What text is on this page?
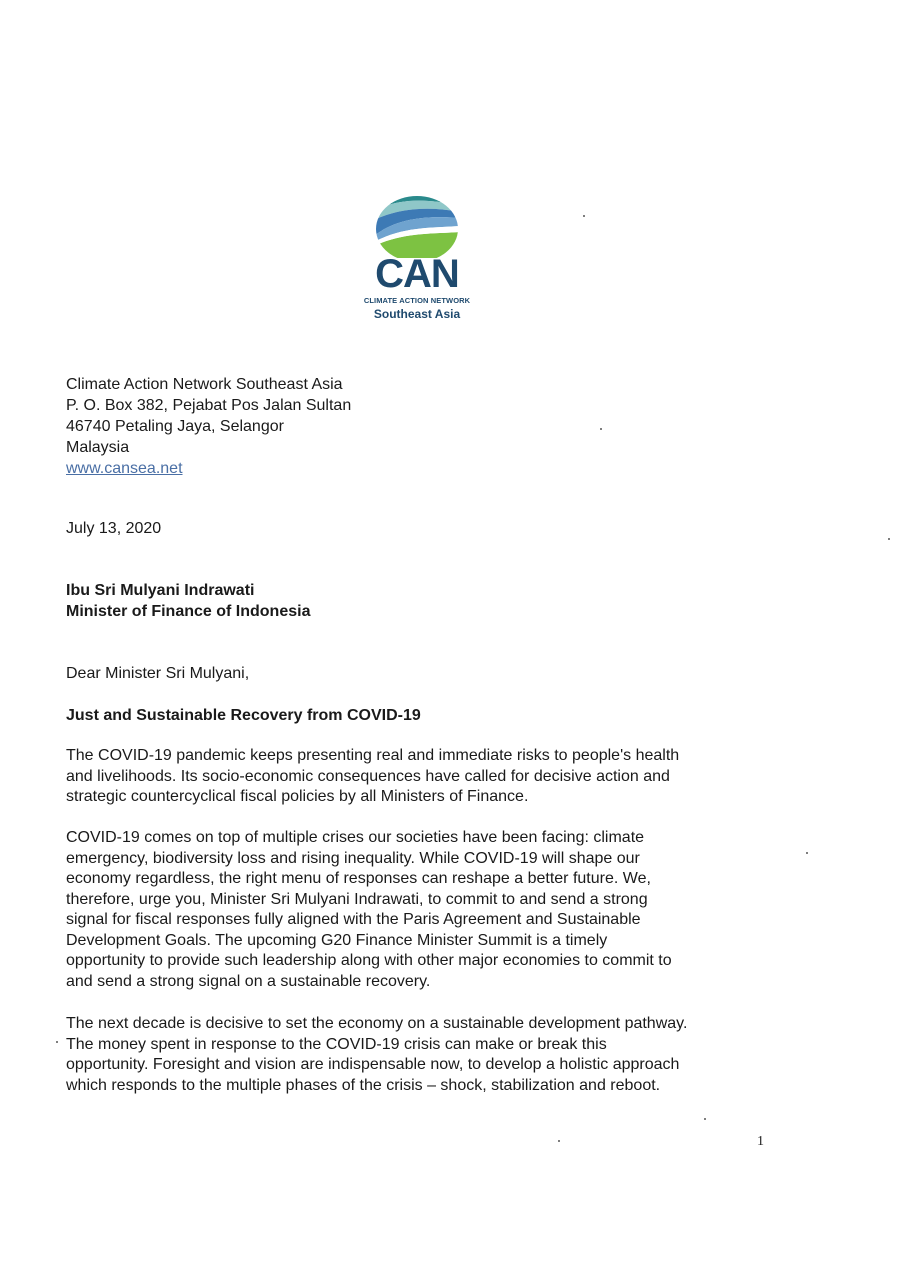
CAN
CLIMATE ACTION NETWORK
Southeast Asia
Climate Action Network Southeast Asia
P. O. Box 382, Pejabat Pos Jalan Sultan
46740 Petaling Jaya, Selangor
Malaysia
www.cansea.net
July 13, 2020
Ibu Sri Mulyani Indrawati
Minister of Finance of Indonesia
Dear Minister Sri Mulyani,
Just and Sustainable Recovery from COVID-19
The COVID-19 pandemic keeps presenting real and immediate risks to people's health
and livelihoods. Its socio-economic consequences have called for decisive action and
strategic countercyclical fiscal policies by all Ministers of Finance.
COVID-19 comes on top of multiple crises our societies have been facing: climate
emergency, biodiversity loss and rising inequality. While COVID-19 will shape our
economy regardless, the right menu of responses can reshape a better future. We,
therefore, urge you, Minister Sri Mulyani Indrawati, to commit to and send a strong
signal for fiscal responses fully aligned with the Paris Agreement and Sustainable
Development Goals. The upcoming G20 Finance Minister Summit is a timely
opportunity to provide such leadership along with other major economies to commit to
and send a strong signal on a sustainable recovery.
The next decade is decisive to set the economy on a sustainable development pathway.
The money spent in response to the COVID-19 crisis can make or break this
opportunity. Foresight and vision are indispensable now, to develop a holistic approach
which responds to the multiple phases of the crisis – shock, stabilization and reboot.
1
